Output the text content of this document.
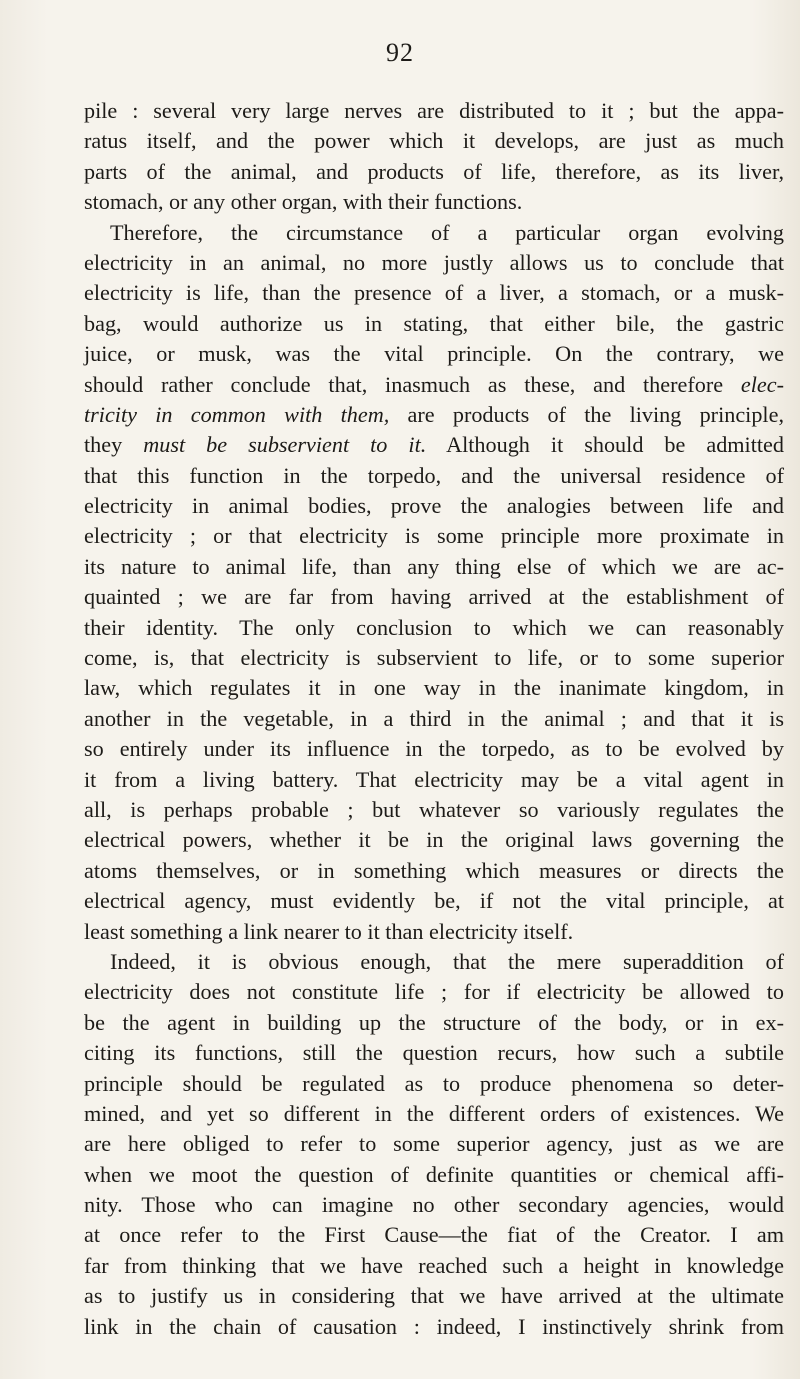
92
pile : several very large nerves are distributed to it ; but the appa-
ratus itself, and the power which it develops, are just as much
parts of the animal, and products of life, therefore, as its liver,
stomach, or any other organ, with their functions.
Therefore, the circumstance of a particular organ evolving
electricity in an animal, no more justly allows us to conclude that
electricity is life, than the presence of a liver, a stomach, or a musk-
bag, would authorize us in stating, that either bile, the gastric
juice, or musk, was the vital principle. On the contrary, we
should rather conclude that, inasmuch as these, and therefore elec-
tricity in common with them, are products of the living principle,
they must be subservient to it. Although it should be admitted
that this function in the torpedo, and the universal residence of
electricity in animal bodies, prove the analogies between life and
electricity ; or that electricity is some principle more proximate in
its nature to animal life, than any thing else of which we are ac-
quainted ; we are far from having arrived at the establishment of
their identity. The only conclusion to which we can reasonably
come, is, that electricity is subservient to life, or to some superior
law, which regulates it in one way in the inanimate kingdom, in
another in the vegetable, in a third in the animal ; and that it is
so entirely under its influence in the torpedo, as to be evolved by
it from a living battery. That electricity may be a vital agent in
all, is perhaps probable ; but whatever so variously regulates the
electrical powers, whether it be in the original laws governing the
atoms themselves, or in something which measures or directs the
electrical agency, must evidently be, if not the vital principle, at
least something a link nearer to it than electricity itself.
Indeed, it is obvious enough, that the mere superaddition of
electricity does not constitute life ; for if electricity be allowed to
be the agent in building up the structure of the body, or in ex-
citing its functions, still the question recurs, how such a subtile
principle should be regulated as to produce phenomena so deter-
mined, and yet so different in the different orders of existences. We
are here obliged to refer to some superior agency, just as we are
when we moot the question of definite quantities or chemical affi-
nity. Those who can imagine no other secondary agencies, would
at once refer to the First Cause—the fiat of the Creator. I am
far from thinking that we have reached such a height in knowledge
as to justify us in considering that we have arrived at the ultimate
link in the chain of causation : indeed, I instinctively shrink from
